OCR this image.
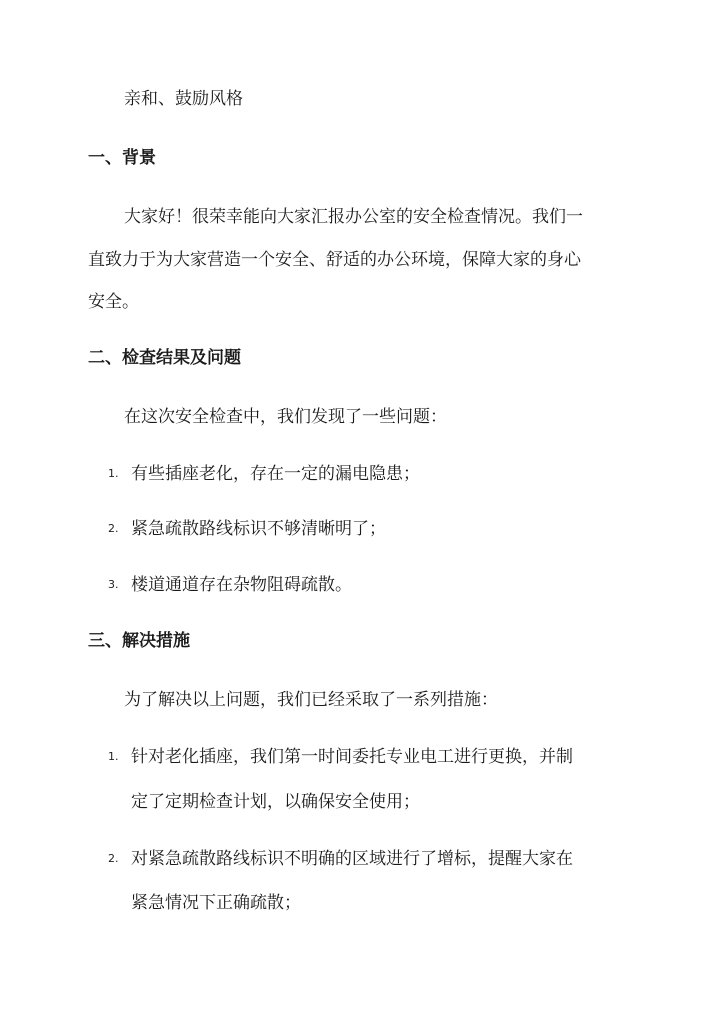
亲和、鼓励风格
一、背景
大家好！很荣幸能向大家汇报办公室的安全检查情况。我们一
直致力于为大家营造一个安全、舒适的办公环境，保障大家的身心
安全。
二、检查结果及问题
在这次安全检查中，我们发现了一些问题：
1. 有些插座老化，存在一定的漏电隐患；
2. 紧急疏散路线标识不够清晰明了；
3. 楼道通道存在杂物阻碍疏散。
三、解决措施
为了解决以上问题，我们已经采取了一系列措施：
1. 针对老化插座，我们第一时间委托专业电工进行更换，并制
定了定期检查计划，以确保安全使用；
2. 对紧急疏散路线标识不明确的区域进行了增标，提醒大家在
紧急情况下正确疏散；
